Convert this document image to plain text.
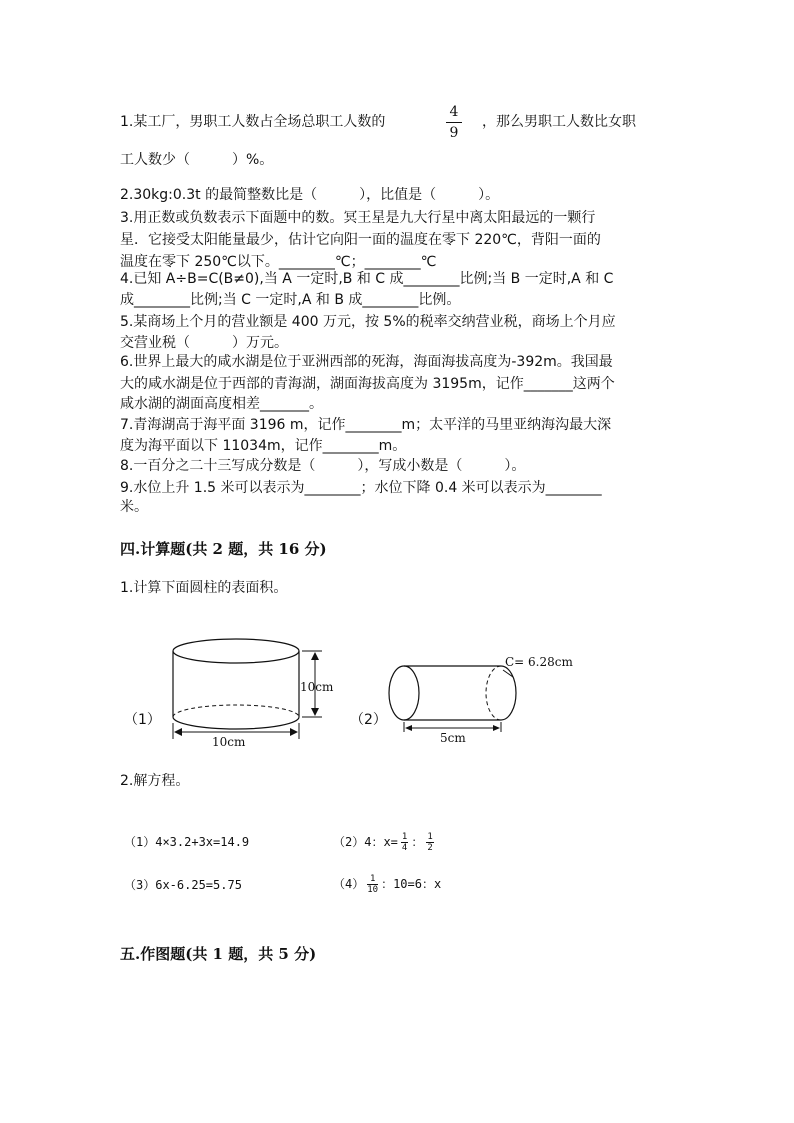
1.某工厂，男职工人数占全场总职工人数的
4
9
，那么男职工人数比女职
工人数少（　　　）%。
2.30kg:0.3t 的最简整数比是（　　　），比值是（　　　）。
3.用正数或负数表示下面题中的数。冥王星是九大行星中离太阳最远的一颗行
星．它接受太阳能量最少，估计它向阳一面的温度在零下 220℃，背阳一面的
温度在零下 250℃以下。________℃；________℃
4.已知 A÷B=C(B≠0),当 A 一定时,B 和 C 成________比例;当 B 一定时,A 和 C
成________比例;当 C 一定时,A 和 B 成________比例。
5.某商场上个月的营业额是 400 万元，按 5%的税率交纳营业税，商场上个月应
交营业税（　　　）万元。
6.世界上最大的咸水湖是位于亚洲西部的死海，海面海拔高度为-392m。我国最
大的咸水湖是位于西部的青海湖，湖面海拔高度为 3195m，记作_______这两个
咸水湖的湖面高度相差_______。
7.青海湖高于海平面 3196 m，记作________m；太平洋的马里亚纳海沟最大深
度为海平面以下 11034m，记作________m。
8.一百分之二十三写成分数是（　　　），写成小数是（　　　）。
9.水位上升 1.5 米可以表示为________；水位下降 0.4 米可以表示为________
米。
四.计算题(共 2 题，共 16 分)
1.计算下面圆柱的表面积。
（1）
10cm
10cm
（2）
C= 6.28cm
5cm
2.解方程。
（1）4×3.2+3x=14.9	（2）4：$x= \frac{1}{4}$ ： $\frac{1}{2}$
（3）6x-6.25=5.75	$(4) \frac{1}{10}$ ：10=6：x
五.作图题(共 1 题，共 5 分)
